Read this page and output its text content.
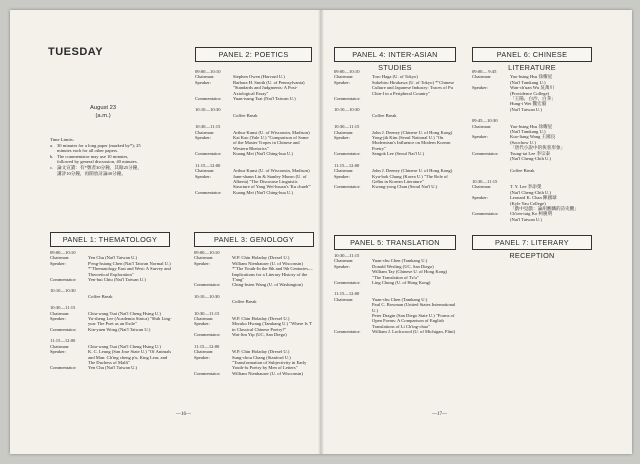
TUESDAY
August 23
(a.m.)
Time Limits:
a. 30 minutes for a long paper (marked by*); 25 minutes each for all other papers.
b. The commentator may use 10 minutes, followed by general discussion, 40 minutes.
c. 論文宣讀：有*號者30分鐘，其餘25分鐘，講評10分鐘，再開放討論40分鐘。
PANEL 2: POETICS
09:00—10:10
Chairman:	Stephen Owen (Harvard U.)
Speaker:	Barbara H. Smith (U. of Pennsylvania) "Standards and Judgments: A Post-Axiological Essay"
Commentator:	Yuan-tsung Tsai (Nat'l Taiwan U.)
10:10—10:30
Coffee Break
10:30—11:15
Chairman:	Arthur Kunst (U. of Wisconsin, Madison)
Speaker:	Kai Kao (Yale U.) "Comparison of Some of the Master Tropes in Chinese and Western Rhetorics"
Commentator:	Kuang Mei (Nat'l Ching-hua U.)
11:15—12:00
Chairman:	Arthur Kunst (U. of Wisconsin, Madison)
Speaker:	Jann-shann Lin & Stanley Munro (U. of Alberta) "The Discourse Linguistic Structure of Yang Wei-hsuan's 'Ku chueh'"
Commentator:	Kuang Mei (Nat'l Ching-hua U.)
PANEL 1: THEMATOLOGY
09:00—10:10
Chairman:	Yen Chu (Nat'l Taiwan U.)
Speaker:	P'eng-hsiang Chen (Nat'l Taiwan Normal U.)
*"Thematology East and West: A Survey and Theoretical Exploration"
Commentator:	Yen-hui Chiu (Nat'l Taiwan U.)
10:10—10:30
Coffee Break
10:30—11:15
Chairman:	Chiu-wang Tsai (Nat'l Cheng Hsing U.)
Speaker:	Yu-sheng Lee (Academia Sinica) "Shih Ling-yun: The Poet as an Exile"
Commentator:	Kin-yuen Wong (Nat'l Taiwan U.)
11:15—12:00
Chairman:	Chiu-wang Tsai (Nat'l Cheng Hsing U.)
Speaker:	K. C. Leung (San Jose State U.) "Of Animals and Man: Ch'ing cheng p'u, King Lear, and The Duchess of Malfi"
Commentator:	Yen Chu (Nat'l Taiwan U.)
PANEL 3: GENOLOGY
09:00—10:10
Chairman:	W.P. Chin Holaday (Drexel U.)
Speaker:	William Nienhauser (U. of Wisconsin) *"The Youth-In the 8th and 9th Centuries—Implications for a Literary History of the T'ang"
Commentator:	Ching-hsien Wang (U. of Washington)
10:10—10:30
Coffee Break
10:30—11:15
Chairman:	W.P. Chin Holaday (Drexel U.)
Speaker:	Moruko Hwang (Tamkang U.) "Where Is 'I' in Classical Chinese Poetry?"
Commentator:	Wai-lim Yip (UC, San Diego)
11:15—12:00
Chairman:	W.P. Chin Holaday (Drexel U.)
Speaker:	Sung-chou Chang (Stanford U.) "Transformation of Subjectivity in Early Youth-fu Poetry by Men of Letters"
Commentator:	William Nienhauser (U. of Wisconsin)
—16—
PANEL 4: INTER-ASIAN STUDIES
09:00—10:10
Chairman:	Toro Haga (U. of Tokyo)
Speaker:	Sukehiro Hirakawa (U. of Tokyo) *"Chinese Culture and Japanese Industry: Traces of Pu Chin-I in a Peripheral Country"
Commentator:
10:10—10:30
Coffee Break
10:30—11:15
Chairman:	John J. Deeney (Chinese U. of Hong Kong)
Speaker:	Yong-jik Kim (Seoul National U.) "On Modernism's Influence on Modern Korean Poetry"
Commentator:	Sangok Lee (Seoul Nat'l U.)
11:15—12:00
Chairman:	John J. Deeney (Chinese U. of Hong Kong)
Speaker:	Kyu-bok Chung (Korea U.) "The Role of Gelbu in Korean Literature"
Commentator:	Kwang-yong Chun (Seoul Nat'l U.)
PANEL 6: CHINESE LITERATURE
09:00— 9:45
Chairman:	Yao-hsing Hsu 徐耀星
(Nat'l Tamkang U.)
Speaker:	Wan-ch'uan Wu 吳萬川
(Providence College)
「王陽、白沙、白茅」
Hung-i Wei 魏宏毅
(Nat'l Taiwan U.)
09:45—10:30
Chairman:	Yao-hsing Hsu 徐耀星
(Nat'l Tamkang U.)
Speaker:	Kuo-liang Wang 王國良
(Soochow U.)
「唐代小說中的俠客形象」
Commentator:	Tsung-tai Lee 李宗泰
(Nat'l Cheng-Chih U.)
Coffee Break
10:30—11:15
Chairman:	T. Y. Lee 李添榮
(Nat'l Cheng-Chih U.)
Speaker:	Leonard K. Chan 陳國球
(Kyle Yau College)
「戲中見戲：論胡應麟的詩史觀」
Commentator:	Ch'ien-tuig Ko 柯慶明
(Nat'l Taiwan U.)
PANEL 5: TRANSLATION
10:30—11:15
Chairman:	Yuan-chu Chen (Tamkang U.)
Speaker:	Donald Wesling (UC, San Diego)
William Tay (Chinese U. of Hong Kong)
"The Translation of Tz'u"
Commentator:	Ling Chung (U. of Hong Kong)
11:15—12:00
Chairman:	Yuan-chu Chen (Tamkang U.)
Paul C. Bowman (United States International U.)
Peter Dragin (San Diego State U.) "Forms of Open Forms: A Comparison of English Translations of Li Ch'ing-chao"
Commentator:	William J. Lockwood (U. of Michigan, Flint)
PANEL 7: LITERARY RECEPTION
—17—
